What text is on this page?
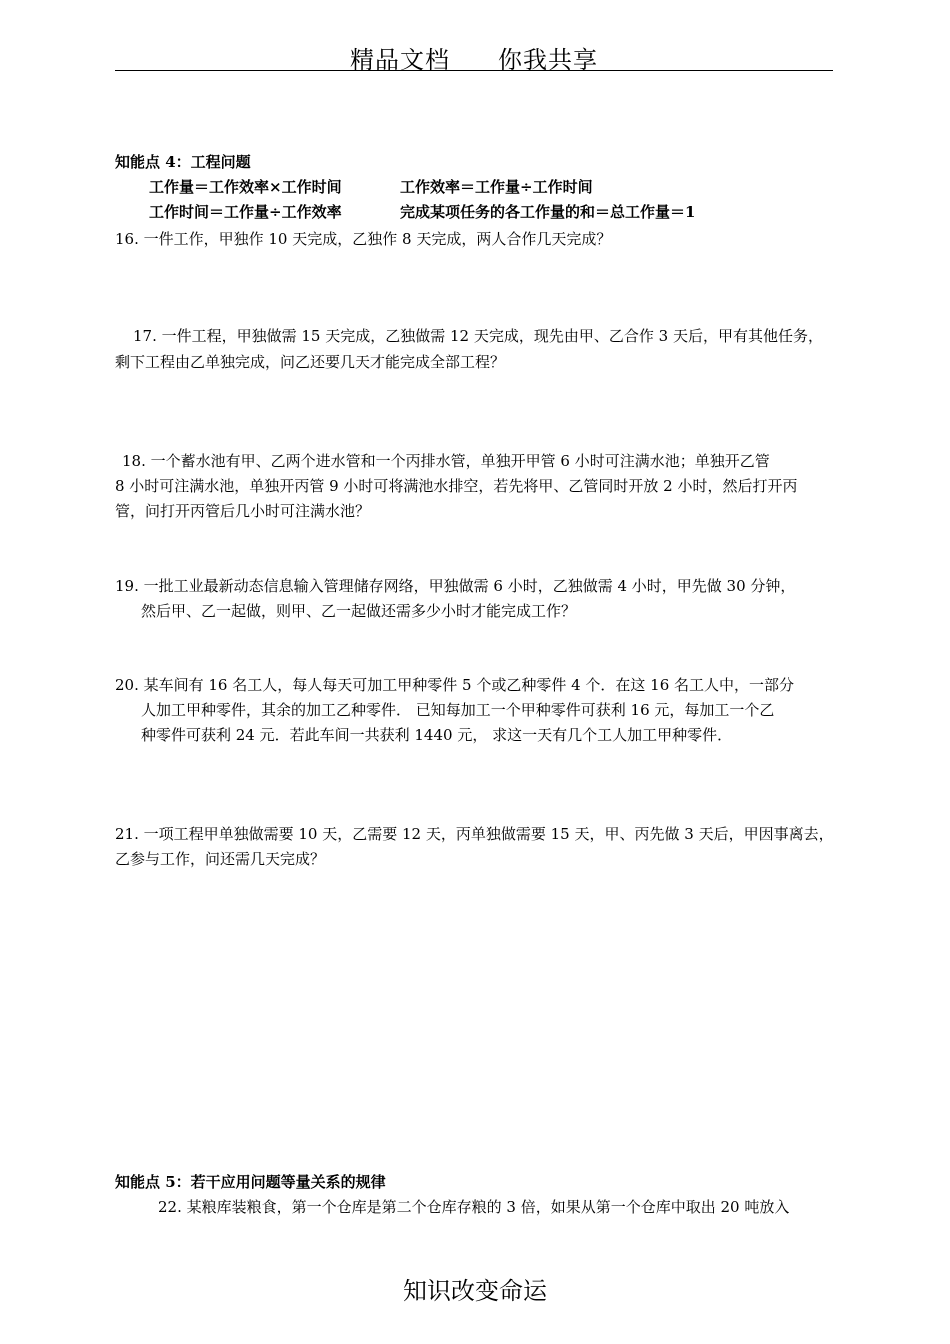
精品文档 你我共享
知能点 4：工程问题
工作量＝工作效率×工作时间	工作效率＝工作量÷工作时间
工作时间＝工作量÷工作效率	完成某项任务的各工作量的和＝总工作量＝1
16. 一件工作，甲独作 10 天完成，乙独作 8 天完成，两人合作几天完成？
17. 一件工程，甲独做需 15 天完成，乙独做需 12 天完成，现先由甲、乙合作 3 天后，甲有其他任务，
剩下工程由乙单独完成，问乙还要几天才能完成全部工程？
18. 一个蓄水池有甲、乙两个进水管和一个丙排水管，单独开甲管 6 小时可注满水池；单独开乙管
8 小时可注满水池，单独开丙管 9 小时可将满池水排空，若先将甲、乙管同时开放 2 小时，然后打开丙
管，问打开丙管后几小时可注满水池？
19. 一批工业最新动态信息输入管理储存网络，甲独做需 6 小时，乙独做需 4 小时，甲先做 30 分钟，
然后甲、乙一起做，则甲、乙一起做还需多少小时才能完成工作？
20. 某车间有 16 名工人，每人每天可加工甲种零件 5 个或乙种零件 4 个．在这 16 名工人中，一部分
人加工甲种零件，其余的加工乙种零件． 已知每加工一个甲种零件可获利 16 元，每加工一个乙
种零件可获利 24 元．若此车间一共获利 1440 元， 求这一天有几个工人加工甲种零件．
21. 一项工程甲单独做需要 10 天，乙需要 12 天，丙单独做需要 15 天，甲、丙先做 3 天后，甲因事离去，
乙参与工作，问还需几天完成？
知能点 5：若干应用问题等量关系的规律
22. 某粮库装粮食，第一个仓库是第二个仓库存粮的 3 倍，如果从第一个仓库中取出 20 吨放入
知识改变命运
